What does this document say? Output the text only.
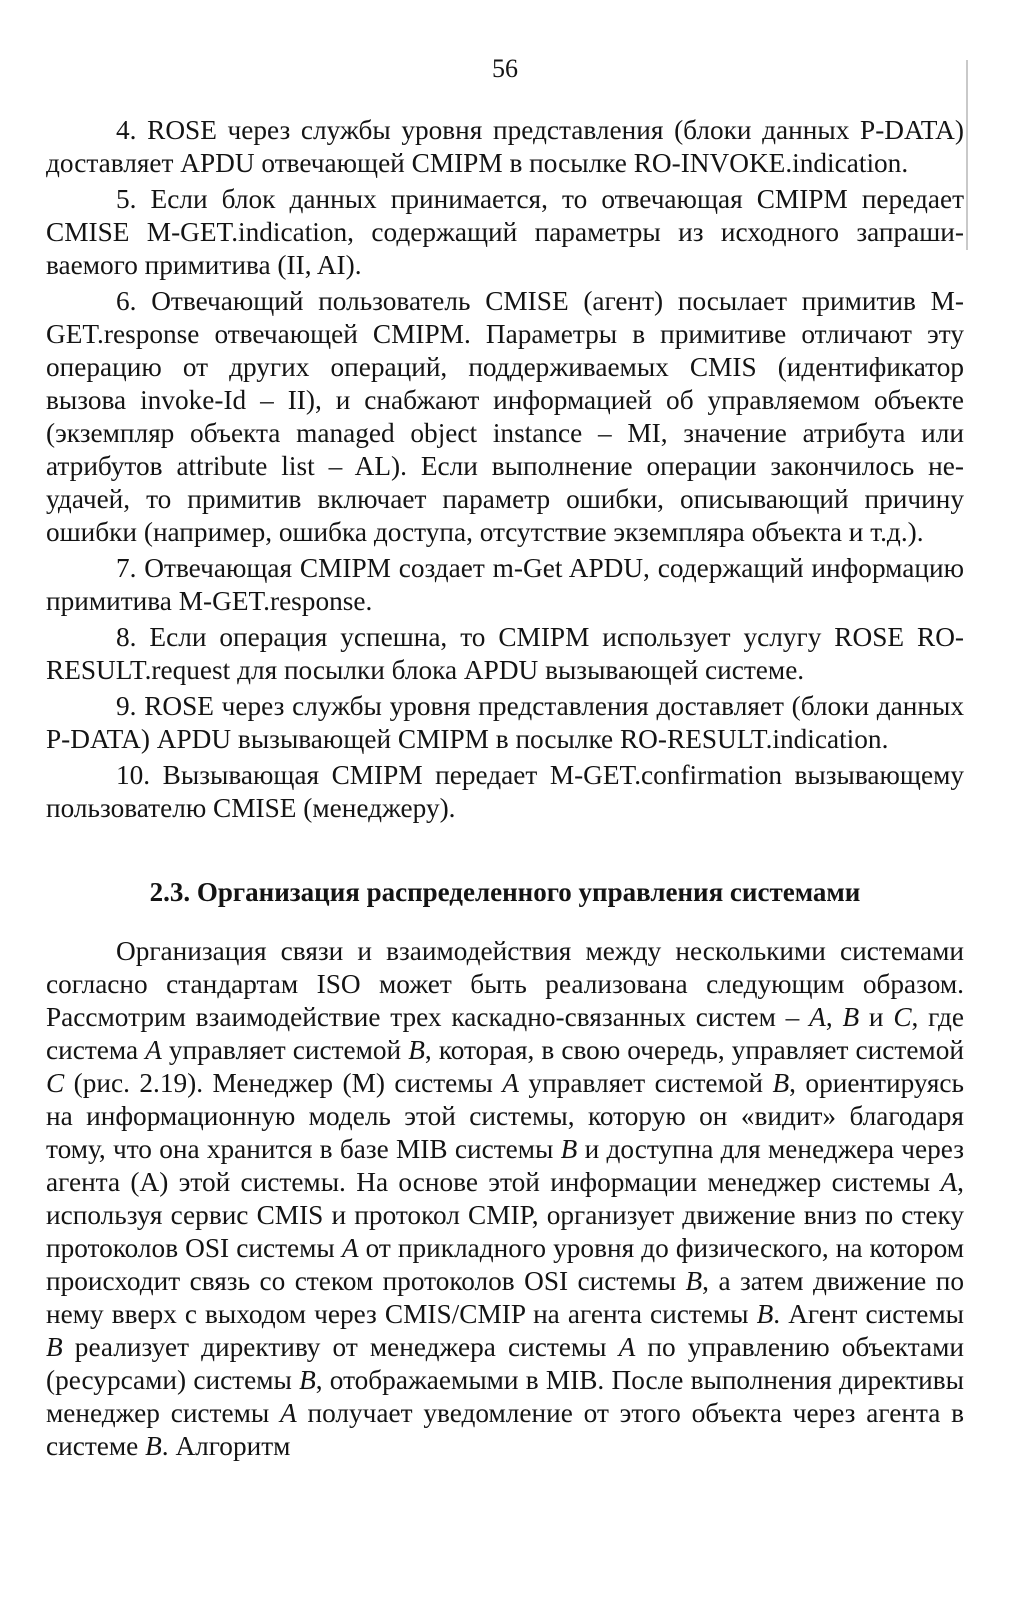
56

4. ROSE через службы уровня представления (блоки данных P-DATA) доставляет APDU отвечающей CMIPM в посылке RO-INVOKE.indication.

5. Если блок данных принимается, то отвечающая CMIPM передает CMISE M-GET.indication, содержащий параметры из исходного запрашиваемого примитива (II, AI).

6. Отвечающий пользователь CMISE (агент) посылает примитив M-GET.response отвечающей CMIPM. Параметры в примитиве отличают эту операцию от других операций, поддерживаемых CMIS (идентификатор вызова invoke-Id – II), и снабжают информацией об управляемом объекте (экземпляр объекта managed object instance – MI, значение атрибута или атрибутов attribute list – AL). Если выполнение операции закончилось неудачей, то примитив включает параметр ошибки, описывающий причину ошибки (например, ошибка доступа, отсутствие экземпляра объекта и т.д.).

7. Отвечающая CMIPM создает m-Get APDU, содержащий информацию примитива M-GET.response.

8. Если операция успешна, то CMIPM использует услугу ROSE RO-RESULT.request для посылки блока APDU вызывающей системе.

9. ROSE через службы уровня представления доставляет (блоки данных P-DATA) APDU вызывающей CMIPM в посылке RO-RESULT.indication.

10. Вызывающая CMIPM передает M-GET.confirmation вызывающему пользователю CMISE (менеджеру).

2.3. Организация распределенного управления системами

Организация связи и взаимодействия между несколькими системами согласно стандартам ISO может быть реализована следующим образом. Рассмотрим взаимодействие трех каскадно-связанных систем – A, B и C, где система A управляет системой B, которая, в свою очередь, управляет системой C (рис. 2.19). Менеджер (M) системы A управляет системой B, ориентируясь на информационную модель этой системы, которую он «видит» благодаря тому, что она хранится в базе MIB системы B и доступна для менеджера через агента (A) этой системы. На основе этой информации менеджер системы A, используя сервис CMIS и протокол CMIP, организует движение вниз по стеку протоколов OSI системы A от прикладного уровня до физического, на котором происходит связь со стеком протоколов OSI системы B, а затем движение по нему вверх с выходом через CMIS/CMIP на агента системы B. Агент системы B реализует директиву от менеджера системы A по управлению объектами (ресурсами) системы B, отображаемыми в MIB. После выполнения директивы менеджер системы A получает уведомление от этого объекта через агента в системе B. Алгоритм
